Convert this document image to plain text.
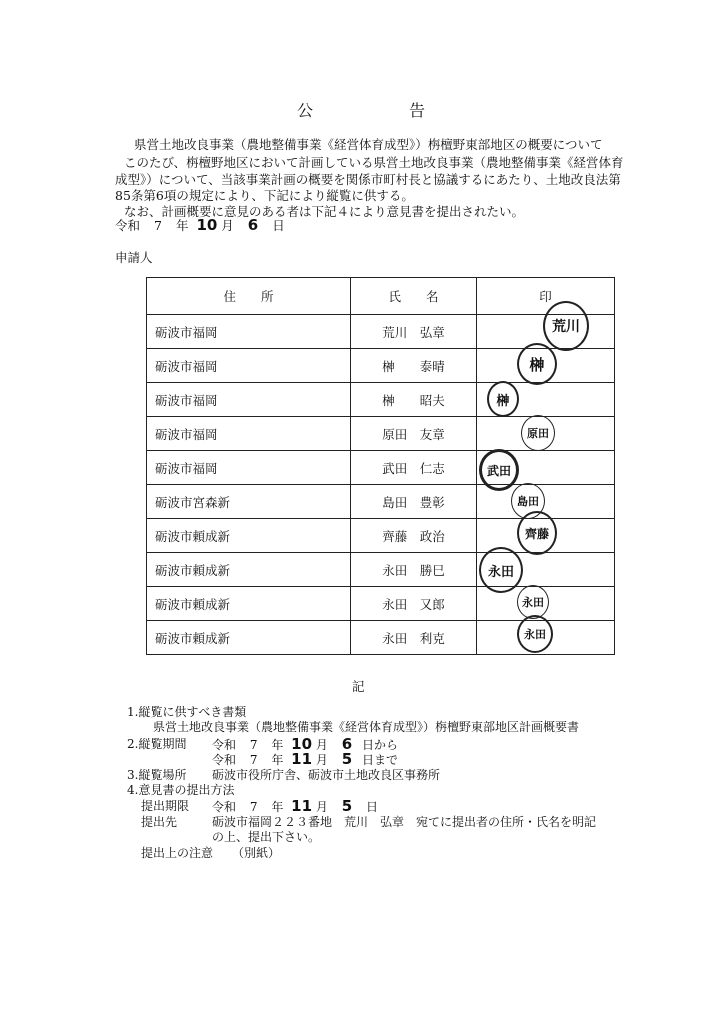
公　告
県営土地改良事業（農地整備事業《経営体育成型》）栴檀野東部地区の概要について
このたび、栴檀野地区において計画している県営土地改良事業（農地整備事業《経営体育
成型》）について、当該事業計画の概要を関係市町村長と協議するにあたり、土地改良法第
85条第6項の規定により、下記により縦覧に供する。
なお、計画概要に意見のある者は下記４により意見書を提出されたい。
令和 7 年 10 月 6 日
申請人
住　　所	氏　　名	印
砺波市福岡	荒川　弘章	荒川

砺波市福岡	榊　　泰晴	榊

砺波市福岡	榊　　昭夫	榊

砺波市福岡	原田　友章	原田

砺波市福岡	武田　仁志	武田

砺波市宮森新	島田　豊彰	島田

砺波市頼成新	齊藤　政治	齊藤

砺波市頼成新	永田　勝巳	永田

砺波市頼成新	永田　又郎	永田

砺波市頼成新	永田　利克	永田
記
1.縦覧に供すべき書類
県営土地改良事業（農地整備事業《経営体育成型》）栴檀野東部地区計画概要書
2.縦覧期間 令和 7 年 10 月 6 日から
令和 7 年 11 月 5 日まで
3.縦覧場所 砺波市役所庁舎、砺波市土地改良区事務所
4.意見書の提出方法
提出期限 令和 7 年 11 月 5 日
提出先	砺波市福岡２２３番地　荒川　弘章　宛てに提出者の住所・氏名を明記
の上、提出下さい。
提出上の注意 （別紙）
